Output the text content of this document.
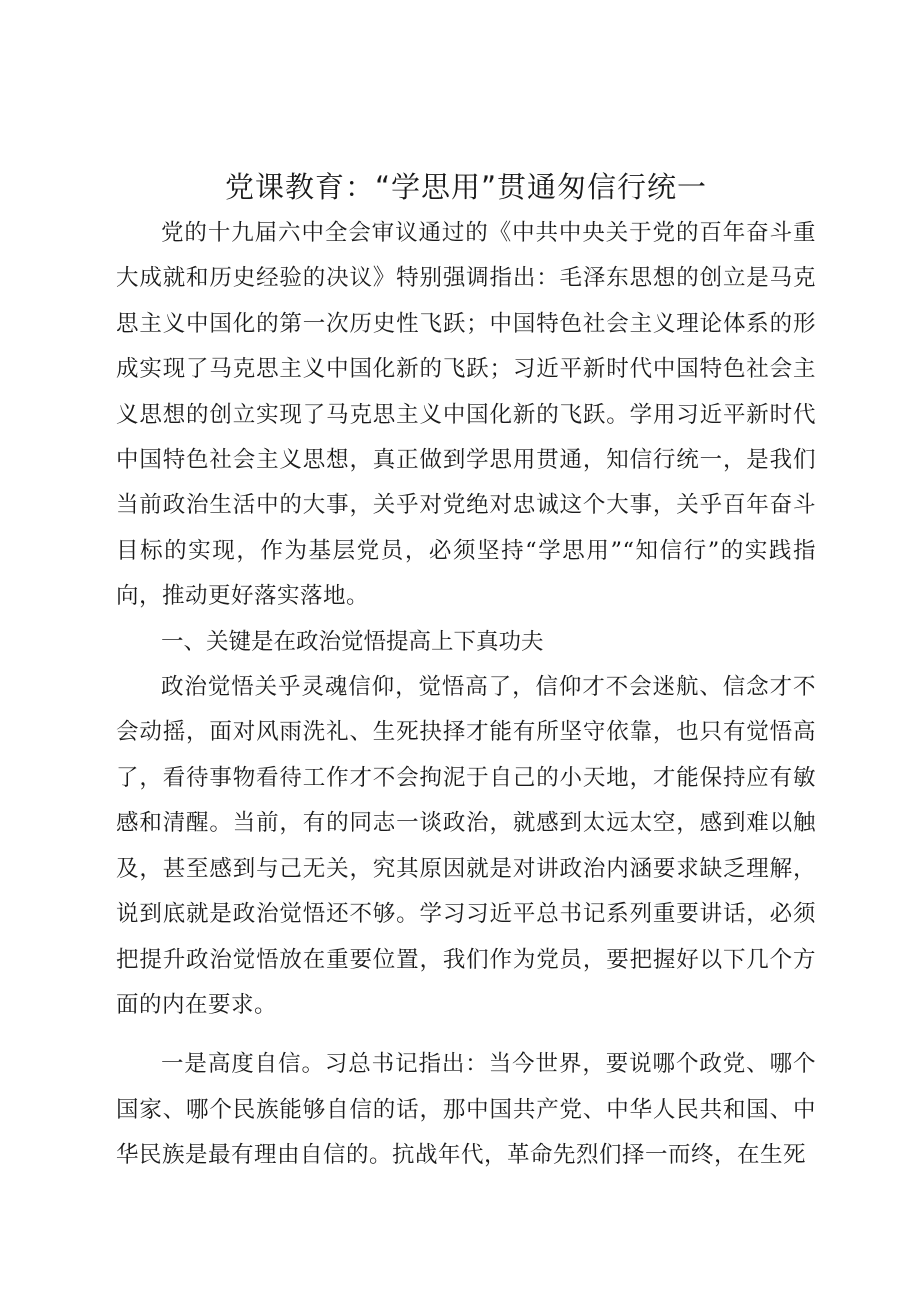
党课教育：“学思用”贯通匆信行统一

党的十九届六中全会审议通过的《中共中央关于党的百年奋斗重大成就和历史经验的决议》特别强调指出：毛泽东思想的创立是马克思主义中国化的第一次历史性飞跃；中国特色社会主义理论体系的形成实现了马克思主义中国化新的飞跃；习近平新时代中国特色社会主义思想的创立实现了马克思主义中国化新的飞跃。学用习近平新时代中国特色社会主义思想，真正做到学思用贯通，知信行统一，是我们当前政治生活中的大事，关乎对党绝对忠诚这个大事，关乎百年奋斗目标的实现，作为基层党员，必须坚持“学思用”“知信行”的实践指向，推动更好落实落地。

一、关键是在政治觉悟提高上下真功夫

政治觉悟关乎灵魂信仰，觉悟高了，信仰才不会迷航、信念才不会动摇，面对风雨洗礼、生死抉择才能有所坚守依靠，也只有觉悟高了，看待事物看待工作才不会拘泥于自己的小天地，才能保持应有敏感和清醒。当前，有的同志一谈政治，就感到太远太空，感到难以触及，甚至感到与己无关，究其原因就是对讲政治内涵要求缺乏理解，说到底就是政治觉悟还不够。学习习近平总书记系列重要讲话，必须把提升政治觉悟放在重要位置，我们作为党员，要把握好以下几个方面的内在要求。

一是高度自信。习总书记指出：当今世界，要说哪个政党、哪个国家、哪个民族能够自信的话，那中国共产党、中华人民共和国、中华民族是最有理由自信的。抗战年代，革命先烈们择一而终，在生死
